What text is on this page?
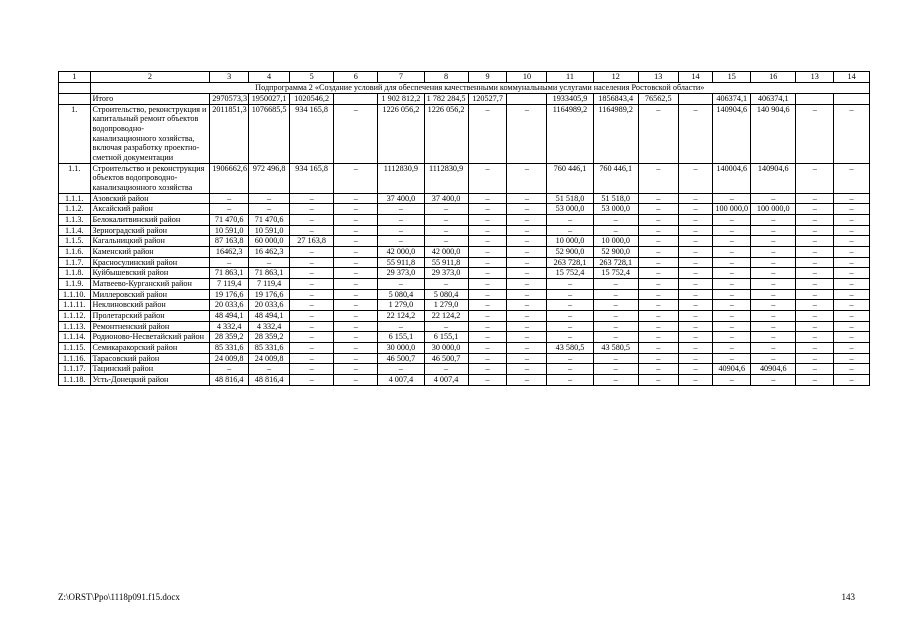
1	2	3	4	5	6	7	8	9	10	11	12	13	14	15	16	13	14
	Подпрограмма 2 «Создание условий для обеспечения качественными коммунальными услугами населения Ростовской области»																
	Итого	2970573,3	1950027,1	1020546,2		1 902 812,2	1 782 284,5	120527,7		1933405,9	1856843,4	76562,5		406374,1	406374,1		
1.	Строительство, реконструкция и капитальный ремонт объектов водопроводно-канализационного хозяйства, включая разработку проектно-сметной документации	2011851,3	1076685,5	934 165,8	–	1226 056,2	1226 056,2	–	–	1164989,2	1164989,2	–	–	140904,6	140 904,6	–	–
1.1.	Строительство и реконструкция объектов водопроводно-канализационного хозяйства	1906662,6	972 496,8	934 165,8	–	1112830,9	1112830,9	–	–	760 446,1	760 446,1	–	–	140004,6	140904,6	–	–
1.1.1.	Азовский район	–	–	–	–	37 400,0	37 400,0	–	–	51 518,0	51 518,0	–	–	–	–	–	–
1.1.2.	Аксайский район	–	–	–	–	–	–	–	–	53 000,0	53 000,0	–	–	100 000,0	100 000,0	–	–
1.1.3.	Белокалитвинский район	71 470,6	71 470,6	–	–	–	–	–	–	–	–	–	–	–	–	–	–
1.1.4.	Зерноградский район	10 591,0	10 591,0	–	–	–	–	–	–	–	–	–	–	–	–	–	–
1.1.5.	Кагальницкий район	87 163,8	60 000,0	27 163,8	–	–	–	–	–	10 000,0	10 000,0	–	–	–	–	–	–
1.1.6.	Каменский район	16462,3	16 462,3	–	–	42 000,0	42 000,0	–	–	52 900,0	52 900,0	–	–	–	–	–	–
1.1.7.	Красносулинский район	–	–	–	–	55 911,8	55 911,8	–	–	263 728,1	263 728,1	–	–	–	–	–	–
1.1.8.	Куйбышевский район	71 863,1	71 863,1	–	–	29 373,0	29 373,0	–	–	15 752,4	15 752,4	–	–	–	–	–	–
1.1.9.	Матвеево-Курганский район	7 119,4	7 119,4	–	–	–	–	–	–	–	–	–	–	–	–	–	–
1.1.10.	Миллеровский район	19 176,6	19 176,6	–	–	5 080,4	5 080,4	–	–	–	–	–	–	–	–	–	–
1.1.11.	Неклиновский район	20 033,6	20 033,6	–	–	1 279,0	1 279,0	–	–	–	–	–	–	–	–	–	–
1.1.12.	Пролетарский район	48 494,1	48 494,1	–	–	22 124,2	22 124,2	–	–	–	–	–	–	–	–	–	–
1.1.13.	Ремонтненский район	4 332,4	4 332,4	–	–	–	–	–	–	–	–	–	–	–	–	–	–
1.1.14.	Родионово-Несветайский район	28 359,2	28 359,2	–	–	6 155,1	6 155,1	–	–	–	–	–	–	–	–	–	–
1.1.15.	Семикаракорский район	85 331,6	85 331,6	–	–	30 000,0	30 000,0	–	–	43 580,5	43 580,5	–	–	–	–	–	–
1.1.16.	Тарасовский район	24 009,8	24 009,8	–	–	46 500,7	46 500,7	–	–	–	–	–	–	–	–	–	–
1.1.17.	Тацинский район	–	–	–	–	–	–	–	–	–	–	–	–	40904,6	40904,6	–	–
1.1.18.	Усть-Донецкий район	48 816,4	48 816,4	–	–	4 007,4	4 007,4	–	–	–	–	–	–	–	–	–	–
Z:\ORST\Ppo\1118p091.f15.docx	143
